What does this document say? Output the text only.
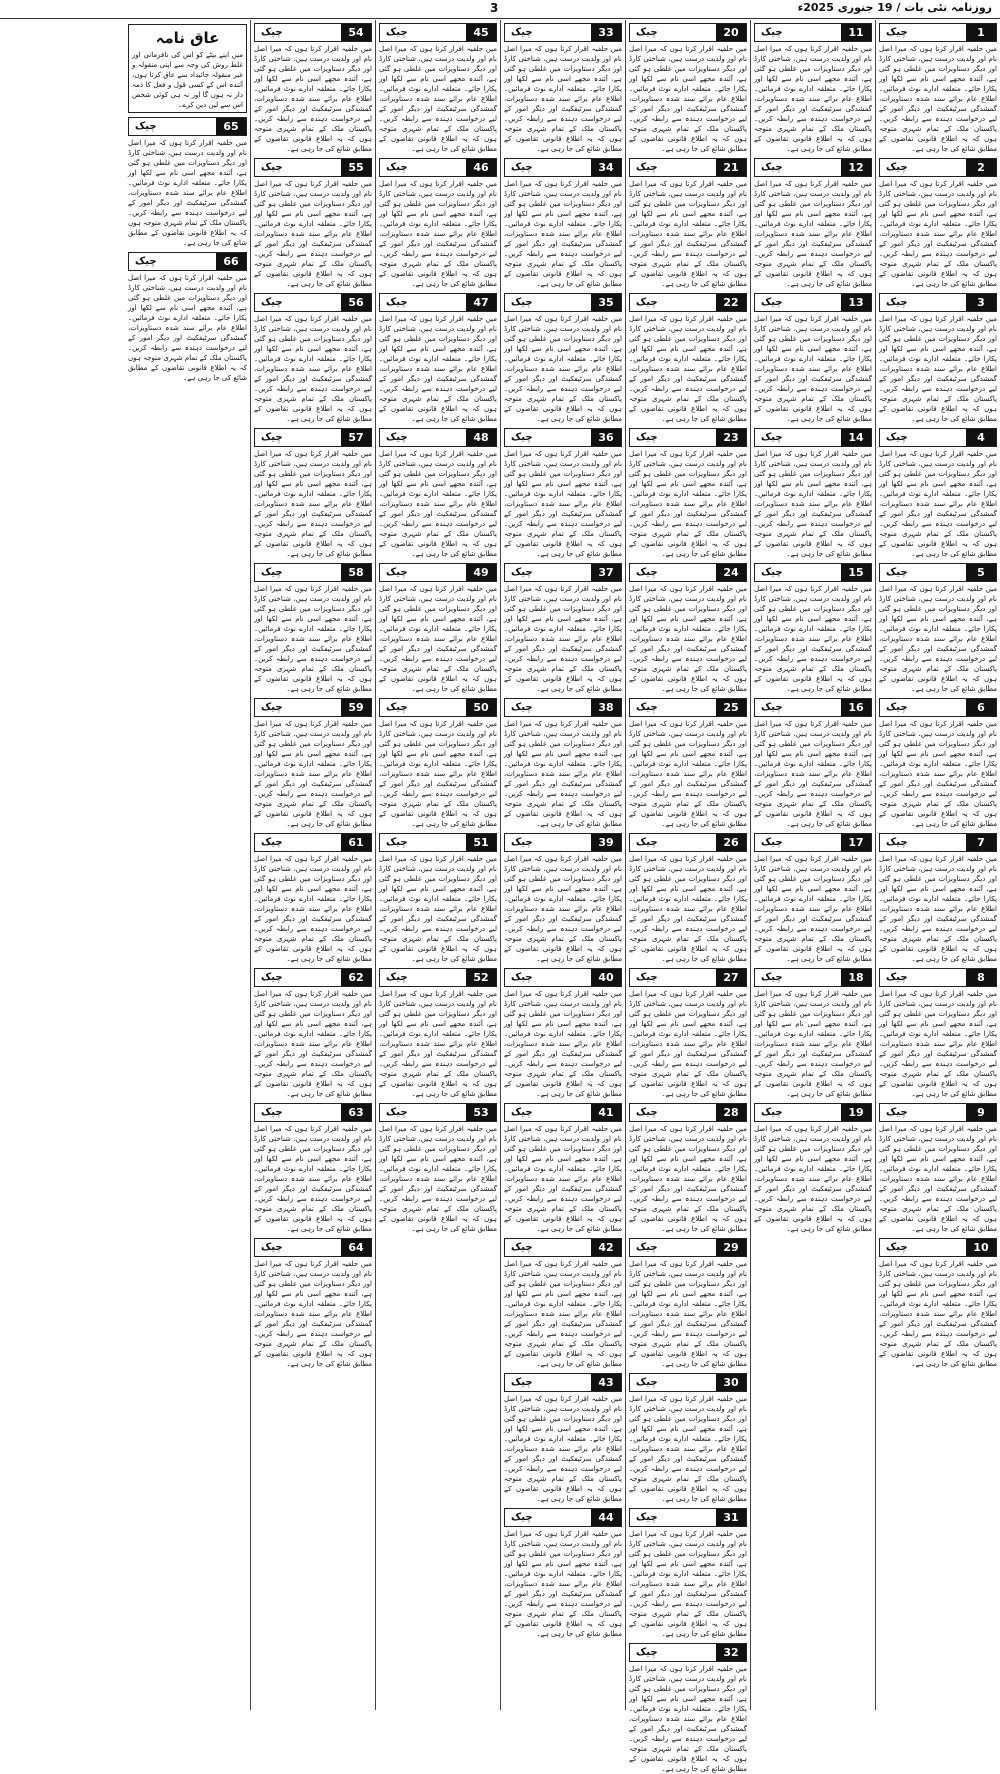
3	روزنامہ نئی بات / 19 جنوری 2025ء
1
چیک

میں حلفیہ اقرار کرتا ہوں کہ میرا اصل نام اور ولدیت درست ہیں، شناختی کارڈ اور دیگر دستاویزات میں غلطی ہو گئی ہے، آئندہ مجھے اسی نام سے لکھا اور پکارا جائے۔ متعلقہ ادارے نوٹ فرمائیں۔ اطلاع عام برائے سند شدہ دستاویزات، گمشدگی سرٹیفکیٹ اور دیگر امور کے لیے درخواست دہندہ سے رابطہ کریں۔ پاکستان ملک کے تمام شہری متوجہ ہوں کہ یہ اطلاع قانونی تقاضوں کے مطابق شائع کی جا رہی ہے۔

2
چیک

میں حلفیہ اقرار کرتا ہوں کہ میرا اصل نام اور ولدیت درست ہیں، شناختی کارڈ اور دیگر دستاویزات میں غلطی ہو گئی ہے، آئندہ مجھے اسی نام سے لکھا اور پکارا جائے۔ متعلقہ ادارے نوٹ فرمائیں۔ اطلاع عام برائے سند شدہ دستاویزات، گمشدگی سرٹیفکیٹ اور دیگر امور کے لیے درخواست دہندہ سے رابطہ کریں۔ پاکستان ملک کے تمام شہری متوجہ ہوں کہ یہ اطلاع قانونی تقاضوں کے مطابق شائع کی جا رہی ہے۔

3
چیک

میں حلفیہ اقرار کرتا ہوں کہ میرا اصل نام اور ولدیت درست ہیں، شناختی کارڈ اور دیگر دستاویزات میں غلطی ہو گئی ہے، آئندہ مجھے اسی نام سے لکھا اور پکارا جائے۔ متعلقہ ادارے نوٹ فرمائیں۔ اطلاع عام برائے سند شدہ دستاویزات، گمشدگی سرٹیفکیٹ اور دیگر امور کے لیے درخواست دہندہ سے رابطہ کریں۔ پاکستان ملک کے تمام شہری متوجہ ہوں کہ یہ اطلاع قانونی تقاضوں کے مطابق شائع کی جا رہی ہے۔

4
چیک

میں حلفیہ اقرار کرتا ہوں کہ میرا اصل نام اور ولدیت درست ہیں، شناختی کارڈ اور دیگر دستاویزات میں غلطی ہو گئی ہے، آئندہ مجھے اسی نام سے لکھا اور پکارا جائے۔ متعلقہ ادارے نوٹ فرمائیں۔ اطلاع عام برائے سند شدہ دستاویزات، گمشدگی سرٹیفکیٹ اور دیگر امور کے لیے درخواست دہندہ سے رابطہ کریں۔ پاکستان ملک کے تمام شہری متوجہ ہوں کہ یہ اطلاع قانونی تقاضوں کے مطابق شائع کی جا رہی ہے۔

5
چیک

میں حلفیہ اقرار کرتا ہوں کہ میرا اصل نام اور ولدیت درست ہیں، شناختی کارڈ اور دیگر دستاویزات میں غلطی ہو گئی ہے، آئندہ مجھے اسی نام سے لکھا اور پکارا جائے۔ متعلقہ ادارے نوٹ فرمائیں۔ اطلاع عام برائے سند شدہ دستاویزات، گمشدگی سرٹیفکیٹ اور دیگر امور کے لیے درخواست دہندہ سے رابطہ کریں۔ پاکستان ملک کے تمام شہری متوجہ ہوں کہ یہ اطلاع قانونی تقاضوں کے مطابق شائع کی جا رہی ہے۔

6
چیک

میں حلفیہ اقرار کرتا ہوں کہ میرا اصل نام اور ولدیت درست ہیں، شناختی کارڈ اور دیگر دستاویزات میں غلطی ہو گئی ہے، آئندہ مجھے اسی نام سے لکھا اور پکارا جائے۔ متعلقہ ادارے نوٹ فرمائیں۔ اطلاع عام برائے سند شدہ دستاویزات، گمشدگی سرٹیفکیٹ اور دیگر امور کے لیے درخواست دہندہ سے رابطہ کریں۔ پاکستان ملک کے تمام شہری متوجہ ہوں کہ یہ اطلاع قانونی تقاضوں کے مطابق شائع کی جا رہی ہے۔

7
چیک

میں حلفیہ اقرار کرتا ہوں کہ میرا اصل نام اور ولدیت درست ہیں، شناختی کارڈ اور دیگر دستاویزات میں غلطی ہو گئی ہے، آئندہ مجھے اسی نام سے لکھا اور پکارا جائے۔ متعلقہ ادارے نوٹ فرمائیں۔ اطلاع عام برائے سند شدہ دستاویزات، گمشدگی سرٹیفکیٹ اور دیگر امور کے لیے درخواست دہندہ سے رابطہ کریں۔ پاکستان ملک کے تمام شہری متوجہ ہوں کہ یہ اطلاع قانونی تقاضوں کے مطابق شائع کی جا رہی ہے۔

8
چیک

میں حلفیہ اقرار کرتا ہوں کہ میرا اصل نام اور ولدیت درست ہیں، شناختی کارڈ اور دیگر دستاویزات میں غلطی ہو گئی ہے، آئندہ مجھے اسی نام سے لکھا اور پکارا جائے۔ متعلقہ ادارے نوٹ فرمائیں۔ اطلاع عام برائے سند شدہ دستاویزات، گمشدگی سرٹیفکیٹ اور دیگر امور کے لیے درخواست دہندہ سے رابطہ کریں۔ پاکستان ملک کے تمام شہری متوجہ ہوں کہ یہ اطلاع قانونی تقاضوں کے مطابق شائع کی جا رہی ہے۔

9
چیک

میں حلفیہ اقرار کرتا ہوں کہ میرا اصل نام اور ولدیت درست ہیں، شناختی کارڈ اور دیگر دستاویزات میں غلطی ہو گئی ہے، آئندہ مجھے اسی نام سے لکھا اور پکارا جائے۔ متعلقہ ادارے نوٹ فرمائیں۔ اطلاع عام برائے سند شدہ دستاویزات، گمشدگی سرٹیفکیٹ اور دیگر امور کے لیے درخواست دہندہ سے رابطہ کریں۔ پاکستان ملک کے تمام شہری متوجہ ہوں کہ یہ اطلاع قانونی تقاضوں کے مطابق شائع کی جا رہی ہے۔

10
چیک

میں حلفیہ اقرار کرتا ہوں کہ میرا اصل نام اور ولدیت درست ہیں، شناختی کارڈ اور دیگر دستاویزات میں غلطی ہو گئی ہے، آئندہ مجھے اسی نام سے لکھا اور پکارا جائے۔ متعلقہ ادارے نوٹ فرمائیں۔ اطلاع عام برائے سند شدہ دستاویزات، گمشدگی سرٹیفکیٹ اور دیگر امور کے لیے درخواست دہندہ سے رابطہ کریں۔ پاکستان ملک کے تمام شہری متوجہ ہوں کہ یہ اطلاع قانونی تقاضوں کے مطابق شائع کی جا رہی ہے۔

11
چیک

میں حلفیہ اقرار کرتا ہوں کہ میرا اصل نام اور ولدیت درست ہیں، شناختی کارڈ اور دیگر دستاویزات میں غلطی ہو گئی ہے، آئندہ مجھے اسی نام سے لکھا اور پکارا جائے۔ متعلقہ ادارے نوٹ فرمائیں۔ اطلاع عام برائے سند شدہ دستاویزات، گمشدگی سرٹیفکیٹ اور دیگر امور کے لیے درخواست دہندہ سے رابطہ کریں۔ پاکستان ملک کے تمام شہری متوجہ ہوں کہ یہ اطلاع قانونی تقاضوں کے مطابق شائع کی جا رہی ہے۔

12
چیک

میں حلفیہ اقرار کرتا ہوں کہ میرا اصل نام اور ولدیت درست ہیں، شناختی کارڈ اور دیگر دستاویزات میں غلطی ہو گئی ہے، آئندہ مجھے اسی نام سے لکھا اور پکارا جائے۔ متعلقہ ادارے نوٹ فرمائیں۔ اطلاع عام برائے سند شدہ دستاویزات، گمشدگی سرٹیفکیٹ اور دیگر امور کے لیے درخواست دہندہ سے رابطہ کریں۔ پاکستان ملک کے تمام شہری متوجہ ہوں کہ یہ اطلاع قانونی تقاضوں کے مطابق شائع کی جا رہی ہے۔

13
چیک

میں حلفیہ اقرار کرتا ہوں کہ میرا اصل نام اور ولدیت درست ہیں، شناختی کارڈ اور دیگر دستاویزات میں غلطی ہو گئی ہے، آئندہ مجھے اسی نام سے لکھا اور پکارا جائے۔ متعلقہ ادارے نوٹ فرمائیں۔ اطلاع عام برائے سند شدہ دستاویزات، گمشدگی سرٹیفکیٹ اور دیگر امور کے لیے درخواست دہندہ سے رابطہ کریں۔ پاکستان ملک کے تمام شہری متوجہ ہوں کہ یہ اطلاع قانونی تقاضوں کے مطابق شائع کی جا رہی ہے۔

14
چیک

میں حلفیہ اقرار کرتا ہوں کہ میرا اصل نام اور ولدیت درست ہیں، شناختی کارڈ اور دیگر دستاویزات میں غلطی ہو گئی ہے، آئندہ مجھے اسی نام سے لکھا اور پکارا جائے۔ متعلقہ ادارے نوٹ فرمائیں۔ اطلاع عام برائے سند شدہ دستاویزات، گمشدگی سرٹیفکیٹ اور دیگر امور کے لیے درخواست دہندہ سے رابطہ کریں۔ پاکستان ملک کے تمام شہری متوجہ ہوں کہ یہ اطلاع قانونی تقاضوں کے مطابق شائع کی جا رہی ہے۔

15
چیک

میں حلفیہ اقرار کرتا ہوں کہ میرا اصل نام اور ولدیت درست ہیں، شناختی کارڈ اور دیگر دستاویزات میں غلطی ہو گئی ہے، آئندہ مجھے اسی نام سے لکھا اور پکارا جائے۔ متعلقہ ادارے نوٹ فرمائیں۔ اطلاع عام برائے سند شدہ دستاویزات، گمشدگی سرٹیفکیٹ اور دیگر امور کے لیے درخواست دہندہ سے رابطہ کریں۔ پاکستان ملک کے تمام شہری متوجہ ہوں کہ یہ اطلاع قانونی تقاضوں کے مطابق شائع کی جا رہی ہے۔

16
چیک

میں حلفیہ اقرار کرتا ہوں کہ میرا اصل نام اور ولدیت درست ہیں، شناختی کارڈ اور دیگر دستاویزات میں غلطی ہو گئی ہے، آئندہ مجھے اسی نام سے لکھا اور پکارا جائے۔ متعلقہ ادارے نوٹ فرمائیں۔ اطلاع عام برائے سند شدہ دستاویزات، گمشدگی سرٹیفکیٹ اور دیگر امور کے لیے درخواست دہندہ سے رابطہ کریں۔ پاکستان ملک کے تمام شہری متوجہ ہوں کہ یہ اطلاع قانونی تقاضوں کے مطابق شائع کی جا رہی ہے۔

17
چیک

میں حلفیہ اقرار کرتا ہوں کہ میرا اصل نام اور ولدیت درست ہیں، شناختی کارڈ اور دیگر دستاویزات میں غلطی ہو گئی ہے، آئندہ مجھے اسی نام سے لکھا اور پکارا جائے۔ متعلقہ ادارے نوٹ فرمائیں۔ اطلاع عام برائے سند شدہ دستاویزات، گمشدگی سرٹیفکیٹ اور دیگر امور کے لیے درخواست دہندہ سے رابطہ کریں۔ پاکستان ملک کے تمام شہری متوجہ ہوں کہ یہ اطلاع قانونی تقاضوں کے مطابق شائع کی جا رہی ہے۔

18
چیک

میں حلفیہ اقرار کرتا ہوں کہ میرا اصل نام اور ولدیت درست ہیں، شناختی کارڈ اور دیگر دستاویزات میں غلطی ہو گئی ہے، آئندہ مجھے اسی نام سے لکھا اور پکارا جائے۔ متعلقہ ادارے نوٹ فرمائیں۔ اطلاع عام برائے سند شدہ دستاویزات، گمشدگی سرٹیفکیٹ اور دیگر امور کے لیے درخواست دہندہ سے رابطہ کریں۔ پاکستان ملک کے تمام شہری متوجہ ہوں کہ یہ اطلاع قانونی تقاضوں کے مطابق شائع کی جا رہی ہے۔

19
چیک

میں حلفیہ اقرار کرتا ہوں کہ میرا اصل نام اور ولدیت درست ہیں، شناختی کارڈ اور دیگر دستاویزات میں غلطی ہو گئی ہے، آئندہ مجھے اسی نام سے لکھا اور پکارا جائے۔ متعلقہ ادارے نوٹ فرمائیں۔ اطلاع عام برائے سند شدہ دستاویزات، گمشدگی سرٹیفکیٹ اور دیگر امور کے لیے درخواست دہندہ سے رابطہ کریں۔ پاکستان ملک کے تمام شہری متوجہ ہوں کہ یہ اطلاع قانونی تقاضوں کے مطابق شائع کی جا رہی ہے۔

20
چیک

میں حلفیہ اقرار کرتا ہوں کہ میرا اصل نام اور ولدیت درست ہیں، شناختی کارڈ اور دیگر دستاویزات میں غلطی ہو گئی ہے، آئندہ مجھے اسی نام سے لکھا اور پکارا جائے۔ متعلقہ ادارے نوٹ فرمائیں۔ اطلاع عام برائے سند شدہ دستاویزات، گمشدگی سرٹیفکیٹ اور دیگر امور کے لیے درخواست دہندہ سے رابطہ کریں۔ پاکستان ملک کے تمام شہری متوجہ ہوں کہ یہ اطلاع قانونی تقاضوں کے مطابق شائع کی جا رہی ہے۔

21
چیک

میں حلفیہ اقرار کرتا ہوں کہ میرا اصل نام اور ولدیت درست ہیں، شناختی کارڈ اور دیگر دستاویزات میں غلطی ہو گئی ہے، آئندہ مجھے اسی نام سے لکھا اور پکارا جائے۔ متعلقہ ادارے نوٹ فرمائیں۔ اطلاع عام برائے سند شدہ دستاویزات، گمشدگی سرٹیفکیٹ اور دیگر امور کے لیے درخواست دہندہ سے رابطہ کریں۔ پاکستان ملک کے تمام شہری متوجہ ہوں کہ یہ اطلاع قانونی تقاضوں کے مطابق شائع کی جا رہی ہے۔

22
چیک

میں حلفیہ اقرار کرتا ہوں کہ میرا اصل نام اور ولدیت درست ہیں، شناختی کارڈ اور دیگر دستاویزات میں غلطی ہو گئی ہے، آئندہ مجھے اسی نام سے لکھا اور پکارا جائے۔ متعلقہ ادارے نوٹ فرمائیں۔ اطلاع عام برائے سند شدہ دستاویزات، گمشدگی سرٹیفکیٹ اور دیگر امور کے لیے درخواست دہندہ سے رابطہ کریں۔ پاکستان ملک کے تمام شہری متوجہ ہوں کہ یہ اطلاع قانونی تقاضوں کے مطابق شائع کی جا رہی ہے۔

23
چیک

میں حلفیہ اقرار کرتا ہوں کہ میرا اصل نام اور ولدیت درست ہیں، شناختی کارڈ اور دیگر دستاویزات میں غلطی ہو گئی ہے، آئندہ مجھے اسی نام سے لکھا اور پکارا جائے۔ متعلقہ ادارے نوٹ فرمائیں۔ اطلاع عام برائے سند شدہ دستاویزات، گمشدگی سرٹیفکیٹ اور دیگر امور کے لیے درخواست دہندہ سے رابطہ کریں۔ پاکستان ملک کے تمام شہری متوجہ ہوں کہ یہ اطلاع قانونی تقاضوں کے مطابق شائع کی جا رہی ہے۔

24
چیک

میں حلفیہ اقرار کرتا ہوں کہ میرا اصل نام اور ولدیت درست ہیں، شناختی کارڈ اور دیگر دستاویزات میں غلطی ہو گئی ہے، آئندہ مجھے اسی نام سے لکھا اور پکارا جائے۔ متعلقہ ادارے نوٹ فرمائیں۔ اطلاع عام برائے سند شدہ دستاویزات، گمشدگی سرٹیفکیٹ اور دیگر امور کے لیے درخواست دہندہ سے رابطہ کریں۔ پاکستان ملک کے تمام شہری متوجہ ہوں کہ یہ اطلاع قانونی تقاضوں کے مطابق شائع کی جا رہی ہے۔

25
چیک

میں حلفیہ اقرار کرتا ہوں کہ میرا اصل نام اور ولدیت درست ہیں، شناختی کارڈ اور دیگر دستاویزات میں غلطی ہو گئی ہے، آئندہ مجھے اسی نام سے لکھا اور پکارا جائے۔ متعلقہ ادارے نوٹ فرمائیں۔ اطلاع عام برائے سند شدہ دستاویزات، گمشدگی سرٹیفکیٹ اور دیگر امور کے لیے درخواست دہندہ سے رابطہ کریں۔ پاکستان ملک کے تمام شہری متوجہ ہوں کہ یہ اطلاع قانونی تقاضوں کے مطابق شائع کی جا رہی ہے۔

26
چیک

میں حلفیہ اقرار کرتا ہوں کہ میرا اصل نام اور ولدیت درست ہیں، شناختی کارڈ اور دیگر دستاویزات میں غلطی ہو گئی ہے، آئندہ مجھے اسی نام سے لکھا اور پکارا جائے۔ متعلقہ ادارے نوٹ فرمائیں۔ اطلاع عام برائے سند شدہ دستاویزات، گمشدگی سرٹیفکیٹ اور دیگر امور کے لیے درخواست دہندہ سے رابطہ کریں۔ پاکستان ملک کے تمام شہری متوجہ ہوں کہ یہ اطلاع قانونی تقاضوں کے مطابق شائع کی جا رہی ہے۔

27
چیک

میں حلفیہ اقرار کرتا ہوں کہ میرا اصل نام اور ولدیت درست ہیں، شناختی کارڈ اور دیگر دستاویزات میں غلطی ہو گئی ہے، آئندہ مجھے اسی نام سے لکھا اور پکارا جائے۔ متعلقہ ادارے نوٹ فرمائیں۔ اطلاع عام برائے سند شدہ دستاویزات، گمشدگی سرٹیفکیٹ اور دیگر امور کے لیے درخواست دہندہ سے رابطہ کریں۔ پاکستان ملک کے تمام شہری متوجہ ہوں کہ یہ اطلاع قانونی تقاضوں کے مطابق شائع کی جا رہی ہے۔

28
چیک

میں حلفیہ اقرار کرتا ہوں کہ میرا اصل نام اور ولدیت درست ہیں، شناختی کارڈ اور دیگر دستاویزات میں غلطی ہو گئی ہے، آئندہ مجھے اسی نام سے لکھا اور پکارا جائے۔ متعلقہ ادارے نوٹ فرمائیں۔ اطلاع عام برائے سند شدہ دستاویزات، گمشدگی سرٹیفکیٹ اور دیگر امور کے لیے درخواست دہندہ سے رابطہ کریں۔ پاکستان ملک کے تمام شہری متوجہ ہوں کہ یہ اطلاع قانونی تقاضوں کے مطابق شائع کی جا رہی ہے۔

29
چیک

میں حلفیہ اقرار کرتا ہوں کہ میرا اصل نام اور ولدیت درست ہیں، شناختی کارڈ اور دیگر دستاویزات میں غلطی ہو گئی ہے، آئندہ مجھے اسی نام سے لکھا اور پکارا جائے۔ متعلقہ ادارے نوٹ فرمائیں۔ اطلاع عام برائے سند شدہ دستاویزات، گمشدگی سرٹیفکیٹ اور دیگر امور کے لیے درخواست دہندہ سے رابطہ کریں۔ پاکستان ملک کے تمام شہری متوجہ ہوں کہ یہ اطلاع قانونی تقاضوں کے مطابق شائع کی جا رہی ہے۔

30
چیک

میں حلفیہ اقرار کرتا ہوں کہ میرا اصل نام اور ولدیت درست ہیں، شناختی کارڈ اور دیگر دستاویزات میں غلطی ہو گئی ہے، آئندہ مجھے اسی نام سے لکھا اور پکارا جائے۔ متعلقہ ادارے نوٹ فرمائیں۔ اطلاع عام برائے سند شدہ دستاویزات، گمشدگی سرٹیفکیٹ اور دیگر امور کے لیے درخواست دہندہ سے رابطہ کریں۔ پاکستان ملک کے تمام شہری متوجہ ہوں کہ یہ اطلاع قانونی تقاضوں کے مطابق شائع کی جا رہی ہے۔

31
چیک

میں حلفیہ اقرار کرتا ہوں کہ میرا اصل نام اور ولدیت درست ہیں، شناختی کارڈ اور دیگر دستاویزات میں غلطی ہو گئی ہے، آئندہ مجھے اسی نام سے لکھا اور پکارا جائے۔ متعلقہ ادارے نوٹ فرمائیں۔ اطلاع عام برائے سند شدہ دستاویزات، گمشدگی سرٹیفکیٹ اور دیگر امور کے لیے درخواست دہندہ سے رابطہ کریں۔ پاکستان ملک کے تمام شہری متوجہ ہوں کہ یہ اطلاع قانونی تقاضوں کے مطابق شائع کی جا رہی ہے۔

32
چیک

میں حلفیہ اقرار کرتا ہوں کہ میرا اصل نام اور ولدیت درست ہیں، شناختی کارڈ اور دیگر دستاویزات میں غلطی ہو گئی ہے، آئندہ مجھے اسی نام سے لکھا اور پکارا جائے۔ متعلقہ ادارے نوٹ فرمائیں۔ اطلاع عام برائے سند شدہ دستاویزات، گمشدگی سرٹیفکیٹ اور دیگر امور کے لیے درخواست دہندہ سے رابطہ کریں۔ پاکستان ملک کے تمام شہری متوجہ ہوں کہ یہ اطلاع قانونی تقاضوں کے مطابق شائع کی جا رہی ہے۔

33
چیک

میں حلفیہ اقرار کرتا ہوں کہ میرا اصل نام اور ولدیت درست ہیں، شناختی کارڈ اور دیگر دستاویزات میں غلطی ہو گئی ہے، آئندہ مجھے اسی نام سے لکھا اور پکارا جائے۔ متعلقہ ادارے نوٹ فرمائیں۔ اطلاع عام برائے سند شدہ دستاویزات، گمشدگی سرٹیفکیٹ اور دیگر امور کے لیے درخواست دہندہ سے رابطہ کریں۔ پاکستان ملک کے تمام شہری متوجہ ہوں کہ یہ اطلاع قانونی تقاضوں کے مطابق شائع کی جا رہی ہے۔

34
چیک

میں حلفیہ اقرار کرتا ہوں کہ میرا اصل نام اور ولدیت درست ہیں، شناختی کارڈ اور دیگر دستاویزات میں غلطی ہو گئی ہے، آئندہ مجھے اسی نام سے لکھا اور پکارا جائے۔ متعلقہ ادارے نوٹ فرمائیں۔ اطلاع عام برائے سند شدہ دستاویزات، گمشدگی سرٹیفکیٹ اور دیگر امور کے لیے درخواست دہندہ سے رابطہ کریں۔ پاکستان ملک کے تمام شہری متوجہ ہوں کہ یہ اطلاع قانونی تقاضوں کے مطابق شائع کی جا رہی ہے۔

35
چیک

میں حلفیہ اقرار کرتا ہوں کہ میرا اصل نام اور ولدیت درست ہیں، شناختی کارڈ اور دیگر دستاویزات میں غلطی ہو گئی ہے، آئندہ مجھے اسی نام سے لکھا اور پکارا جائے۔ متعلقہ ادارے نوٹ فرمائیں۔ اطلاع عام برائے سند شدہ دستاویزات، گمشدگی سرٹیفکیٹ اور دیگر امور کے لیے درخواست دہندہ سے رابطہ کریں۔ پاکستان ملک کے تمام شہری متوجہ ہوں کہ یہ اطلاع قانونی تقاضوں کے مطابق شائع کی جا رہی ہے۔

36
چیک

میں حلفیہ اقرار کرتا ہوں کہ میرا اصل نام اور ولدیت درست ہیں، شناختی کارڈ اور دیگر دستاویزات میں غلطی ہو گئی ہے، آئندہ مجھے اسی نام سے لکھا اور پکارا جائے۔ متعلقہ ادارے نوٹ فرمائیں۔ اطلاع عام برائے سند شدہ دستاویزات، گمشدگی سرٹیفکیٹ اور دیگر امور کے لیے درخواست دہندہ سے رابطہ کریں۔ پاکستان ملک کے تمام شہری متوجہ ہوں کہ یہ اطلاع قانونی تقاضوں کے مطابق شائع کی جا رہی ہے۔

37
چیک

میں حلفیہ اقرار کرتا ہوں کہ میرا اصل نام اور ولدیت درست ہیں، شناختی کارڈ اور دیگر دستاویزات میں غلطی ہو گئی ہے، آئندہ مجھے اسی نام سے لکھا اور پکارا جائے۔ متعلقہ ادارے نوٹ فرمائیں۔ اطلاع عام برائے سند شدہ دستاویزات، گمشدگی سرٹیفکیٹ اور دیگر امور کے لیے درخواست دہندہ سے رابطہ کریں۔ پاکستان ملک کے تمام شہری متوجہ ہوں کہ یہ اطلاع قانونی تقاضوں کے مطابق شائع کی جا رہی ہے۔

38
چیک

میں حلفیہ اقرار کرتا ہوں کہ میرا اصل نام اور ولدیت درست ہیں، شناختی کارڈ اور دیگر دستاویزات میں غلطی ہو گئی ہے، آئندہ مجھے اسی نام سے لکھا اور پکارا جائے۔ متعلقہ ادارے نوٹ فرمائیں۔ اطلاع عام برائے سند شدہ دستاویزات، گمشدگی سرٹیفکیٹ اور دیگر امور کے لیے درخواست دہندہ سے رابطہ کریں۔ پاکستان ملک کے تمام شہری متوجہ ہوں کہ یہ اطلاع قانونی تقاضوں کے مطابق شائع کی جا رہی ہے۔

39
چیک

میں حلفیہ اقرار کرتا ہوں کہ میرا اصل نام اور ولدیت درست ہیں، شناختی کارڈ اور دیگر دستاویزات میں غلطی ہو گئی ہے، آئندہ مجھے اسی نام سے لکھا اور پکارا جائے۔ متعلقہ ادارے نوٹ فرمائیں۔ اطلاع عام برائے سند شدہ دستاویزات، گمشدگی سرٹیفکیٹ اور دیگر امور کے لیے درخواست دہندہ سے رابطہ کریں۔ پاکستان ملک کے تمام شہری متوجہ ہوں کہ یہ اطلاع قانونی تقاضوں کے مطابق شائع کی جا رہی ہے۔

40
چیک

میں حلفیہ اقرار کرتا ہوں کہ میرا اصل نام اور ولدیت درست ہیں، شناختی کارڈ اور دیگر دستاویزات میں غلطی ہو گئی ہے، آئندہ مجھے اسی نام سے لکھا اور پکارا جائے۔ متعلقہ ادارے نوٹ فرمائیں۔ اطلاع عام برائے سند شدہ دستاویزات، گمشدگی سرٹیفکیٹ اور دیگر امور کے لیے درخواست دہندہ سے رابطہ کریں۔ پاکستان ملک کے تمام شہری متوجہ ہوں کہ یہ اطلاع قانونی تقاضوں کے مطابق شائع کی جا رہی ہے۔

41
چیک

میں حلفیہ اقرار کرتا ہوں کہ میرا اصل نام اور ولدیت درست ہیں، شناختی کارڈ اور دیگر دستاویزات میں غلطی ہو گئی ہے، آئندہ مجھے اسی نام سے لکھا اور پکارا جائے۔ متعلقہ ادارے نوٹ فرمائیں۔ اطلاع عام برائے سند شدہ دستاویزات، گمشدگی سرٹیفکیٹ اور دیگر امور کے لیے درخواست دہندہ سے رابطہ کریں۔ پاکستان ملک کے تمام شہری متوجہ ہوں کہ یہ اطلاع قانونی تقاضوں کے مطابق شائع کی جا رہی ہے۔

42
چیک

میں حلفیہ اقرار کرتا ہوں کہ میرا اصل نام اور ولدیت درست ہیں، شناختی کارڈ اور دیگر دستاویزات میں غلطی ہو گئی ہے، آئندہ مجھے اسی نام سے لکھا اور پکارا جائے۔ متعلقہ ادارے نوٹ فرمائیں۔ اطلاع عام برائے سند شدہ دستاویزات، گمشدگی سرٹیفکیٹ اور دیگر امور کے لیے درخواست دہندہ سے رابطہ کریں۔ پاکستان ملک کے تمام شہری متوجہ ہوں کہ یہ اطلاع قانونی تقاضوں کے مطابق شائع کی جا رہی ہے۔

43
چیک

میں حلفیہ اقرار کرتا ہوں کہ میرا اصل نام اور ولدیت درست ہیں، شناختی کارڈ اور دیگر دستاویزات میں غلطی ہو گئی ہے، آئندہ مجھے اسی نام سے لکھا اور پکارا جائے۔ متعلقہ ادارے نوٹ فرمائیں۔ اطلاع عام برائے سند شدہ دستاویزات، گمشدگی سرٹیفکیٹ اور دیگر امور کے لیے درخواست دہندہ سے رابطہ کریں۔ پاکستان ملک کے تمام شہری متوجہ ہوں کہ یہ اطلاع قانونی تقاضوں کے مطابق شائع کی جا رہی ہے۔

44
چیک

میں حلفیہ اقرار کرتا ہوں کہ میرا اصل نام اور ولدیت درست ہیں، شناختی کارڈ اور دیگر دستاویزات میں غلطی ہو گئی ہے، آئندہ مجھے اسی نام سے لکھا اور پکارا جائے۔ متعلقہ ادارے نوٹ فرمائیں۔ اطلاع عام برائے سند شدہ دستاویزات، گمشدگی سرٹیفکیٹ اور دیگر امور کے لیے درخواست دہندہ سے رابطہ کریں۔ پاکستان ملک کے تمام شہری متوجہ ہوں کہ یہ اطلاع قانونی تقاضوں کے مطابق شائع کی جا رہی ہے۔

45
چیک

میں حلفیہ اقرار کرتا ہوں کہ میرا اصل نام اور ولدیت درست ہیں، شناختی کارڈ اور دیگر دستاویزات میں غلطی ہو گئی ہے، آئندہ مجھے اسی نام سے لکھا اور پکارا جائے۔ متعلقہ ادارے نوٹ فرمائیں۔ اطلاع عام برائے سند شدہ دستاویزات، گمشدگی سرٹیفکیٹ اور دیگر امور کے لیے درخواست دہندہ سے رابطہ کریں۔ پاکستان ملک کے تمام شہری متوجہ ہوں کہ یہ اطلاع قانونی تقاضوں کے مطابق شائع کی جا رہی ہے۔

46
چیک

میں حلفیہ اقرار کرتا ہوں کہ میرا اصل نام اور ولدیت درست ہیں، شناختی کارڈ اور دیگر دستاویزات میں غلطی ہو گئی ہے، آئندہ مجھے اسی نام سے لکھا اور پکارا جائے۔ متعلقہ ادارے نوٹ فرمائیں۔ اطلاع عام برائے سند شدہ دستاویزات، گمشدگی سرٹیفکیٹ اور دیگر امور کے لیے درخواست دہندہ سے رابطہ کریں۔ پاکستان ملک کے تمام شہری متوجہ ہوں کہ یہ اطلاع قانونی تقاضوں کے مطابق شائع کی جا رہی ہے۔

47
چیک

میں حلفیہ اقرار کرتا ہوں کہ میرا اصل نام اور ولدیت درست ہیں، شناختی کارڈ اور دیگر دستاویزات میں غلطی ہو گئی ہے، آئندہ مجھے اسی نام سے لکھا اور پکارا جائے۔ متعلقہ ادارے نوٹ فرمائیں۔ اطلاع عام برائے سند شدہ دستاویزات، گمشدگی سرٹیفکیٹ اور دیگر امور کے لیے درخواست دہندہ سے رابطہ کریں۔ پاکستان ملک کے تمام شہری متوجہ ہوں کہ یہ اطلاع قانونی تقاضوں کے مطابق شائع کی جا رہی ہے۔

48
چیک

میں حلفیہ اقرار کرتا ہوں کہ میرا اصل نام اور ولدیت درست ہیں، شناختی کارڈ اور دیگر دستاویزات میں غلطی ہو گئی ہے، آئندہ مجھے اسی نام سے لکھا اور پکارا جائے۔ متعلقہ ادارے نوٹ فرمائیں۔ اطلاع عام برائے سند شدہ دستاویزات، گمشدگی سرٹیفکیٹ اور دیگر امور کے لیے درخواست دہندہ سے رابطہ کریں۔ پاکستان ملک کے تمام شہری متوجہ ہوں کہ یہ اطلاع قانونی تقاضوں کے مطابق شائع کی جا رہی ہے۔

49
چیک

میں حلفیہ اقرار کرتا ہوں کہ میرا اصل نام اور ولدیت درست ہیں، شناختی کارڈ اور دیگر دستاویزات میں غلطی ہو گئی ہے، آئندہ مجھے اسی نام سے لکھا اور پکارا جائے۔ متعلقہ ادارے نوٹ فرمائیں۔ اطلاع عام برائے سند شدہ دستاویزات، گمشدگی سرٹیفکیٹ اور دیگر امور کے لیے درخواست دہندہ سے رابطہ کریں۔ پاکستان ملک کے تمام شہری متوجہ ہوں کہ یہ اطلاع قانونی تقاضوں کے مطابق شائع کی جا رہی ہے۔

50
چیک

میں حلفیہ اقرار کرتا ہوں کہ میرا اصل نام اور ولدیت درست ہیں، شناختی کارڈ اور دیگر دستاویزات میں غلطی ہو گئی ہے، آئندہ مجھے اسی نام سے لکھا اور پکارا جائے۔ متعلقہ ادارے نوٹ فرمائیں۔ اطلاع عام برائے سند شدہ دستاویزات، گمشدگی سرٹیفکیٹ اور دیگر امور کے لیے درخواست دہندہ سے رابطہ کریں۔ پاکستان ملک کے تمام شہری متوجہ ہوں کہ یہ اطلاع قانونی تقاضوں کے مطابق شائع کی جا رہی ہے۔

51
چیک

میں حلفیہ اقرار کرتا ہوں کہ میرا اصل نام اور ولدیت درست ہیں، شناختی کارڈ اور دیگر دستاویزات میں غلطی ہو گئی ہے، آئندہ مجھے اسی نام سے لکھا اور پکارا جائے۔ متعلقہ ادارے نوٹ فرمائیں۔ اطلاع عام برائے سند شدہ دستاویزات، گمشدگی سرٹیفکیٹ اور دیگر امور کے لیے درخواست دہندہ سے رابطہ کریں۔ پاکستان ملک کے تمام شہری متوجہ ہوں کہ یہ اطلاع قانونی تقاضوں کے مطابق شائع کی جا رہی ہے۔

52
چیک

میں حلفیہ اقرار کرتا ہوں کہ میرا اصل نام اور ولدیت درست ہیں، شناختی کارڈ اور دیگر دستاویزات میں غلطی ہو گئی ہے، آئندہ مجھے اسی نام سے لکھا اور پکارا جائے۔ متعلقہ ادارے نوٹ فرمائیں۔ اطلاع عام برائے سند شدہ دستاویزات، گمشدگی سرٹیفکیٹ اور دیگر امور کے لیے درخواست دہندہ سے رابطہ کریں۔ پاکستان ملک کے تمام شہری متوجہ ہوں کہ یہ اطلاع قانونی تقاضوں کے مطابق شائع کی جا رہی ہے۔

53
چیک

میں حلفیہ اقرار کرتا ہوں کہ میرا اصل نام اور ولدیت درست ہیں، شناختی کارڈ اور دیگر دستاویزات میں غلطی ہو گئی ہے، آئندہ مجھے اسی نام سے لکھا اور پکارا جائے۔ متعلقہ ادارے نوٹ فرمائیں۔ اطلاع عام برائے سند شدہ دستاویزات، گمشدگی سرٹیفکیٹ اور دیگر امور کے لیے درخواست دہندہ سے رابطہ کریں۔ پاکستان ملک کے تمام شہری متوجہ ہوں کہ یہ اطلاع قانونی تقاضوں کے مطابق شائع کی جا رہی ہے۔

54
چیک

میں حلفیہ اقرار کرتا ہوں کہ میرا اصل نام اور ولدیت درست ہیں، شناختی کارڈ اور دیگر دستاویزات میں غلطی ہو گئی ہے، آئندہ مجھے اسی نام سے لکھا اور پکارا جائے۔ متعلقہ ادارے نوٹ فرمائیں۔ اطلاع عام برائے سند شدہ دستاویزات، گمشدگی سرٹیفکیٹ اور دیگر امور کے لیے درخواست دہندہ سے رابطہ کریں۔ پاکستان ملک کے تمام شہری متوجہ ہوں کہ یہ اطلاع قانونی تقاضوں کے مطابق شائع کی جا رہی ہے۔

55
چیک

میں حلفیہ اقرار کرتا ہوں کہ میرا اصل نام اور ولدیت درست ہیں، شناختی کارڈ اور دیگر دستاویزات میں غلطی ہو گئی ہے، آئندہ مجھے اسی نام سے لکھا اور پکارا جائے۔ متعلقہ ادارے نوٹ فرمائیں۔ اطلاع عام برائے سند شدہ دستاویزات، گمشدگی سرٹیفکیٹ اور دیگر امور کے لیے درخواست دہندہ سے رابطہ کریں۔ پاکستان ملک کے تمام شہری متوجہ ہوں کہ یہ اطلاع قانونی تقاضوں کے مطابق شائع کی جا رہی ہے۔

56
چیک

میں حلفیہ اقرار کرتا ہوں کہ میرا اصل نام اور ولدیت درست ہیں، شناختی کارڈ اور دیگر دستاویزات میں غلطی ہو گئی ہے، آئندہ مجھے اسی نام سے لکھا اور پکارا جائے۔ متعلقہ ادارے نوٹ فرمائیں۔ اطلاع عام برائے سند شدہ دستاویزات، گمشدگی سرٹیفکیٹ اور دیگر امور کے لیے درخواست دہندہ سے رابطہ کریں۔ پاکستان ملک کے تمام شہری متوجہ ہوں کہ یہ اطلاع قانونی تقاضوں کے مطابق شائع کی جا رہی ہے۔

57
چیک

میں حلفیہ اقرار کرتا ہوں کہ میرا اصل نام اور ولدیت درست ہیں، شناختی کارڈ اور دیگر دستاویزات میں غلطی ہو گئی ہے، آئندہ مجھے اسی نام سے لکھا اور پکارا جائے۔ متعلقہ ادارے نوٹ فرمائیں۔ اطلاع عام برائے سند شدہ دستاویزات، گمشدگی سرٹیفکیٹ اور دیگر امور کے لیے درخواست دہندہ سے رابطہ کریں۔ پاکستان ملک کے تمام شہری متوجہ ہوں کہ یہ اطلاع قانونی تقاضوں کے مطابق شائع کی جا رہی ہے۔

58
چیک

میں حلفیہ اقرار کرتا ہوں کہ میرا اصل نام اور ولدیت درست ہیں، شناختی کارڈ اور دیگر دستاویزات میں غلطی ہو گئی ہے، آئندہ مجھے اسی نام سے لکھا اور پکارا جائے۔ متعلقہ ادارے نوٹ فرمائیں۔ اطلاع عام برائے سند شدہ دستاویزات، گمشدگی سرٹیفکیٹ اور دیگر امور کے لیے درخواست دہندہ سے رابطہ کریں۔ پاکستان ملک کے تمام شہری متوجہ ہوں کہ یہ اطلاع قانونی تقاضوں کے مطابق شائع کی جا رہی ہے۔

59
چیک

میں حلفیہ اقرار کرتا ہوں کہ میرا اصل نام اور ولدیت درست ہیں، شناختی کارڈ اور دیگر دستاویزات میں غلطی ہو گئی ہے، آئندہ مجھے اسی نام سے لکھا اور پکارا جائے۔ متعلقہ ادارے نوٹ فرمائیں۔ اطلاع عام برائے سند شدہ دستاویزات، گمشدگی سرٹیفکیٹ اور دیگر امور کے لیے درخواست دہندہ سے رابطہ کریں۔ پاکستان ملک کے تمام شہری متوجہ ہوں کہ یہ اطلاع قانونی تقاضوں کے مطابق شائع کی جا رہی ہے۔

61
چیک

میں حلفیہ اقرار کرتا ہوں کہ میرا اصل نام اور ولدیت درست ہیں، شناختی کارڈ اور دیگر دستاویزات میں غلطی ہو گئی ہے، آئندہ مجھے اسی نام سے لکھا اور پکارا جائے۔ متعلقہ ادارے نوٹ فرمائیں۔ اطلاع عام برائے سند شدہ دستاویزات، گمشدگی سرٹیفکیٹ اور دیگر امور کے لیے درخواست دہندہ سے رابطہ کریں۔ پاکستان ملک کے تمام شہری متوجہ ہوں کہ یہ اطلاع قانونی تقاضوں کے مطابق شائع کی جا رہی ہے۔

62
چیک

میں حلفیہ اقرار کرتا ہوں کہ میرا اصل نام اور ولدیت درست ہیں، شناختی کارڈ اور دیگر دستاویزات میں غلطی ہو گئی ہے، آئندہ مجھے اسی نام سے لکھا اور پکارا جائے۔ متعلقہ ادارے نوٹ فرمائیں۔ اطلاع عام برائے سند شدہ دستاویزات، گمشدگی سرٹیفکیٹ اور دیگر امور کے لیے درخواست دہندہ سے رابطہ کریں۔ پاکستان ملک کے تمام شہری متوجہ ہوں کہ یہ اطلاع قانونی تقاضوں کے مطابق شائع کی جا رہی ہے۔

63
چیک

میں حلفیہ اقرار کرتا ہوں کہ میرا اصل نام اور ولدیت درست ہیں، شناختی کارڈ اور دیگر دستاویزات میں غلطی ہو گئی ہے، آئندہ مجھے اسی نام سے لکھا اور پکارا جائے۔ متعلقہ ادارے نوٹ فرمائیں۔ اطلاع عام برائے سند شدہ دستاویزات، گمشدگی سرٹیفکیٹ اور دیگر امور کے لیے درخواست دہندہ سے رابطہ کریں۔ پاکستان ملک کے تمام شہری متوجہ ہوں کہ یہ اطلاع قانونی تقاضوں کے مطابق شائع کی جا رہی ہے۔

64
چیک

میں حلفیہ اقرار کرتا ہوں کہ میرا اصل نام اور ولدیت درست ہیں، شناختی کارڈ اور دیگر دستاویزات میں غلطی ہو گئی ہے، آئندہ مجھے اسی نام سے لکھا اور پکارا جائے۔ متعلقہ ادارے نوٹ فرمائیں۔ اطلاع عام برائے سند شدہ دستاویزات، گمشدگی سرٹیفکیٹ اور دیگر امور کے لیے درخواست دہندہ سے رابطہ کریں۔ پاکستان ملک کے تمام شہری متوجہ ہوں کہ یہ اطلاع قانونی تقاضوں کے مطابق شائع کی جا رہی ہے۔

عاق نامہ

میں اپنے بیٹے کو اس کی نافرمانی اور غلط روش کی وجہ سے اپنی منقولہ و غیر منقولہ جائیداد سے عاق کرتا ہوں، آئندہ اس کے کسی قول و فعل کا ذمہ دار نہ ہوں گا اور نہ ہی کوئی شخص اس سے لین دین کرے۔

65
چیک

میں حلفیہ اقرار کرتا ہوں کہ میرا اصل نام اور ولدیت درست ہیں، شناختی کارڈ اور دیگر دستاویزات میں غلطی ہو گئی ہے، آئندہ مجھے اسی نام سے لکھا اور پکارا جائے۔ متعلقہ ادارے نوٹ فرمائیں۔ اطلاع عام برائے سند شدہ دستاویزات، گمشدگی سرٹیفکیٹ اور دیگر امور کے لیے درخواست دہندہ سے رابطہ کریں۔ پاکستان ملک کے تمام شہری متوجہ ہوں کہ یہ اطلاع قانونی تقاضوں کے مطابق شائع کی جا رہی ہے۔

66
چیک

میں حلفیہ اقرار کرتا ہوں کہ میرا اصل نام اور ولدیت درست ہیں، شناختی کارڈ اور دیگر دستاویزات میں غلطی ہو گئی ہے، آئندہ مجھے اسی نام سے لکھا اور پکارا جائے۔ متعلقہ ادارے نوٹ فرمائیں۔ اطلاع عام برائے سند شدہ دستاویزات، گمشدگی سرٹیفکیٹ اور دیگر امور کے لیے درخواست دہندہ سے رابطہ کریں۔ پاکستان ملک کے تمام شہری متوجہ ہوں کہ یہ اطلاع قانونی تقاضوں کے مطابق شائع کی جا رہی ہے۔
